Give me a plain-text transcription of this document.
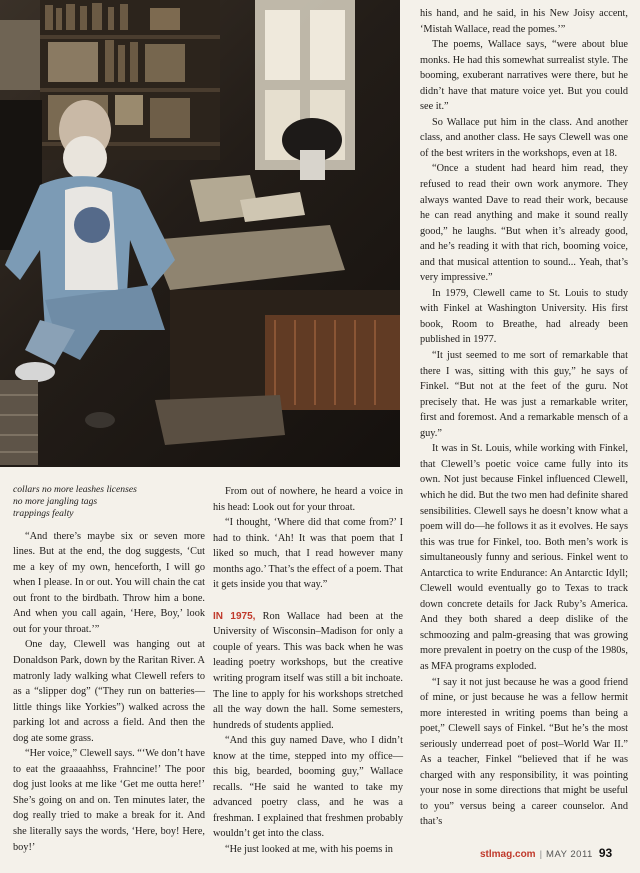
collars no more leashes licenses

no more jangling tags

trappings fealty

“And there’s maybe six or seven more lines. But at the end, the dog suggests, ‘Cut me a key of my own, henceforth, I will go when I please. In or out. You will chain the cat out front to the birdbath. Throw him a bone. And when you call again, ‘Here, Boy,’ look out for your throat.’”

One day, Clewell was hanging out at Donaldson Park, down by the Raritan River. A matronly lady walking what Clewell refers to as a “slipper dog” (“They run on batteries—little things like Yorkies”) walked across the parking lot and across a field. And then the dog ate some grass.

“Her voice,” Clewell says. “‘We don’t have to eat the graaaahhss, Frahncine!’ The poor dog just looks at me like ‘Get me outta here!’ She’s going on and on. Ten minutes later, the dog really tried to make a break for it. And she literally says the words, ‘Here, boy! Here, boy!’

From out of nowhere, he heard a voice in his head: Look out for your throat.

“I thought, ‘Where did that come from?’ I had to think. ‘Ah! It was that poem that I liked so much, that I read however many months ago.’ That’s the effect of a poem. That it gets inside you that way.”

IN 1975, Ron Wallace had been at the University of Wisconsin–Madison for only a couple of years. This was back when he was leading poetry workshops, but the creative writing program itself was still a bit inchoate. The line to apply for his workshops stretched all the way down the hall. Some semesters, hundreds of students applied.

“And this guy named Dave, who I didn’t know at the time, stepped into my office—this big, bearded, booming guy,” Wallace recalls. “He said he wanted to take my advanced poetry class, and he was a freshman. I explained that freshmen probably wouldn’t get into the class.

“He just looked at me, with his poems in

his hand, and he said, in his New Joisy accent, ‘Mistah Wallace, read the pomes.’”

The poems, Wallace says, “were about blue monks. He had this somewhat surrealist style. The booming, exuberant narratives were there, but he didn’t have that mature voice yet. But you could see it.”

So Wallace put him in the class. And another class, and another class. He says Clewell was one of the best writers in the workshops, even at 18.

“Once a student had heard him read, they refused to read their own work anymore. They always wanted Dave to read their work, because he can read anything and make it sound really good,” he laughs. “But when it’s already good, and he’s reading it with that rich, booming voice, and that musical attention to sound... Yeah, that’s very impressive.”

In 1979, Clewell came to St. Louis to study with Finkel at Washington University. His first book, Room to Breathe, had already been published in 1977.

“It just seemed to me sort of remarkable that there I was, sitting with this guy,” he says of Finkel. “But not at the feet of the guru. Not precisely that. He was just a remarkable writer, first and foremost. And a remarkable mensch of a guy.”

It was in St. Louis, while working with Finkel, that Clewell’s poetic voice came fully into its own. Not just because Finkel influenced Clewell, which he did. But the two men had definite shared sensibilities. Clewell says he doesn’t know what a poem will do—he follows it as it evolves. He says this was true for Finkel, too. Both men’s work is simultaneously funny and serious. Finkel went to Antarctica to write Endurance: An Antarctic Idyll; Clewell would eventually go to Texas to track down concrete details for Jack Ruby’s America. And they both shared a deep dislike of the schmoozing and palm-greasing that was growing more prevalent in poetry on the cusp of the 1980s, as MFA programs exploded.

“I say it not just because he was a good friend of mine, or just because he was a fellow hermit more interested in writing poems than being a poet,” Clewell says of Finkel. “But he’s the most seriously underread poet of post–World War II.” As a teacher, Finkel “believed that if he was charged with any responsibility, it was pointing your nose in some directions that might be useful to you” versus being a career counselor. And that’s

stlmag.com | MAY 2011 93
